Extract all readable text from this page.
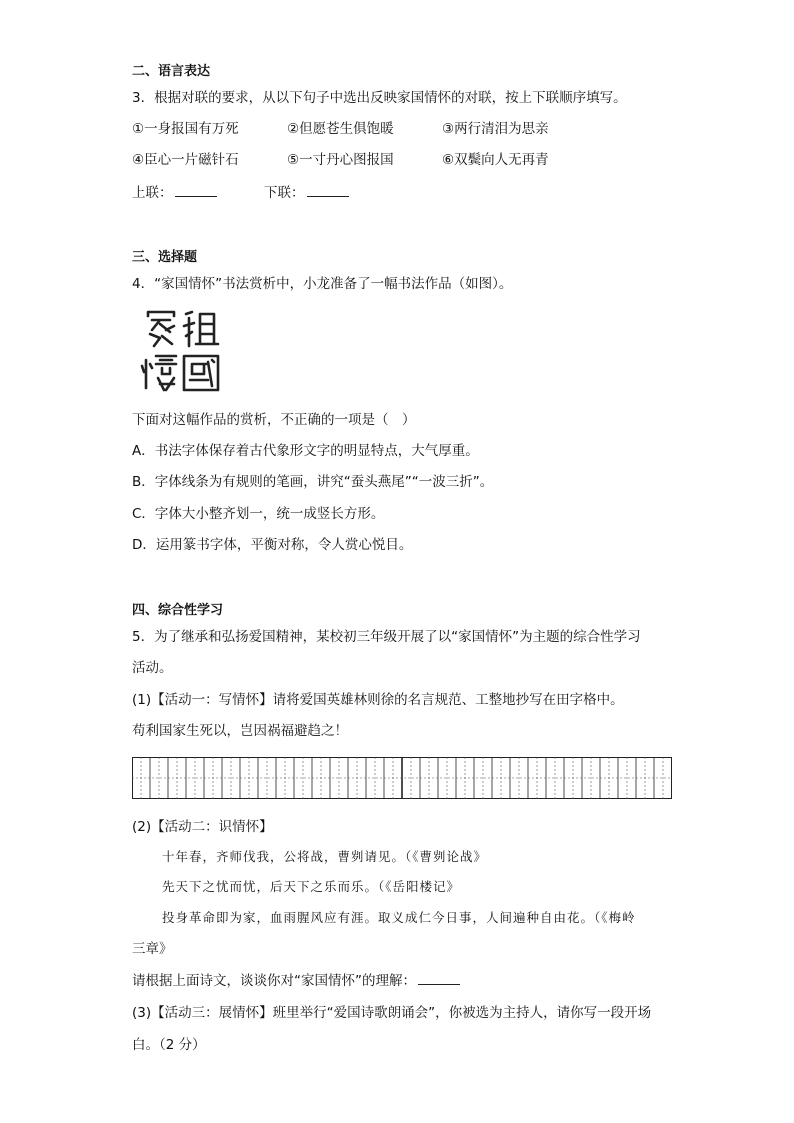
二、语言表达
3．根据对联的要求，从以下句子中选出反映家国情怀的对联，按上下联顺序填写。
①一身报国有万死	②但愿苍生俱饱暖	③两行清泪为思亲
④臣心一片磁针石	⑤一寸丹心图报国	⑥双鬓向人无再青
上联：	下联：
三、选择题
4．“家国情怀”书法赏析中，小龙准备了一幅书法作品（如图）。
下面对这幅作品的赏析，不正确的一项是（　）
A．书法字体保存着古代象形文字的明显特点，大气厚重。
B．字体线条为有规则的笔画，讲究“蚕头燕尾”“一波三折”。
C．字体大小整齐划一，统一成竖长方形。
D．运用篆书字体，平衡对称，令人赏心悦目。
四、综合性学习
5．为了继承和弘扬爱国精神，某校初三年级开展了以“家国情怀”为主题的综合性学习
活动。
(1)【活动一：写情怀】请将爱国英雄林则徐的名言规范、工整地抄写在田字格中。
苟利国家生死以，岂因祸福避趋之！
(2)【活动二：识情怀】
十年春，齐师伐我，公将战，曹刿请见。（《曹刿论战》
先天下之忧而忧，后天下之乐而乐。（《岳阳楼记》
投身革命即为家，血雨腥风应有涯。取义成仁今日事，人间遍种自由花。（《梅岭
三章》
请根据上面诗文，谈谈你对“家国情怀”的理解：
(3)【活动三：展情怀】班里举行“爱国诗歌朗诵会”，你被选为主持人，请你写一段开场
白。（2 分）
